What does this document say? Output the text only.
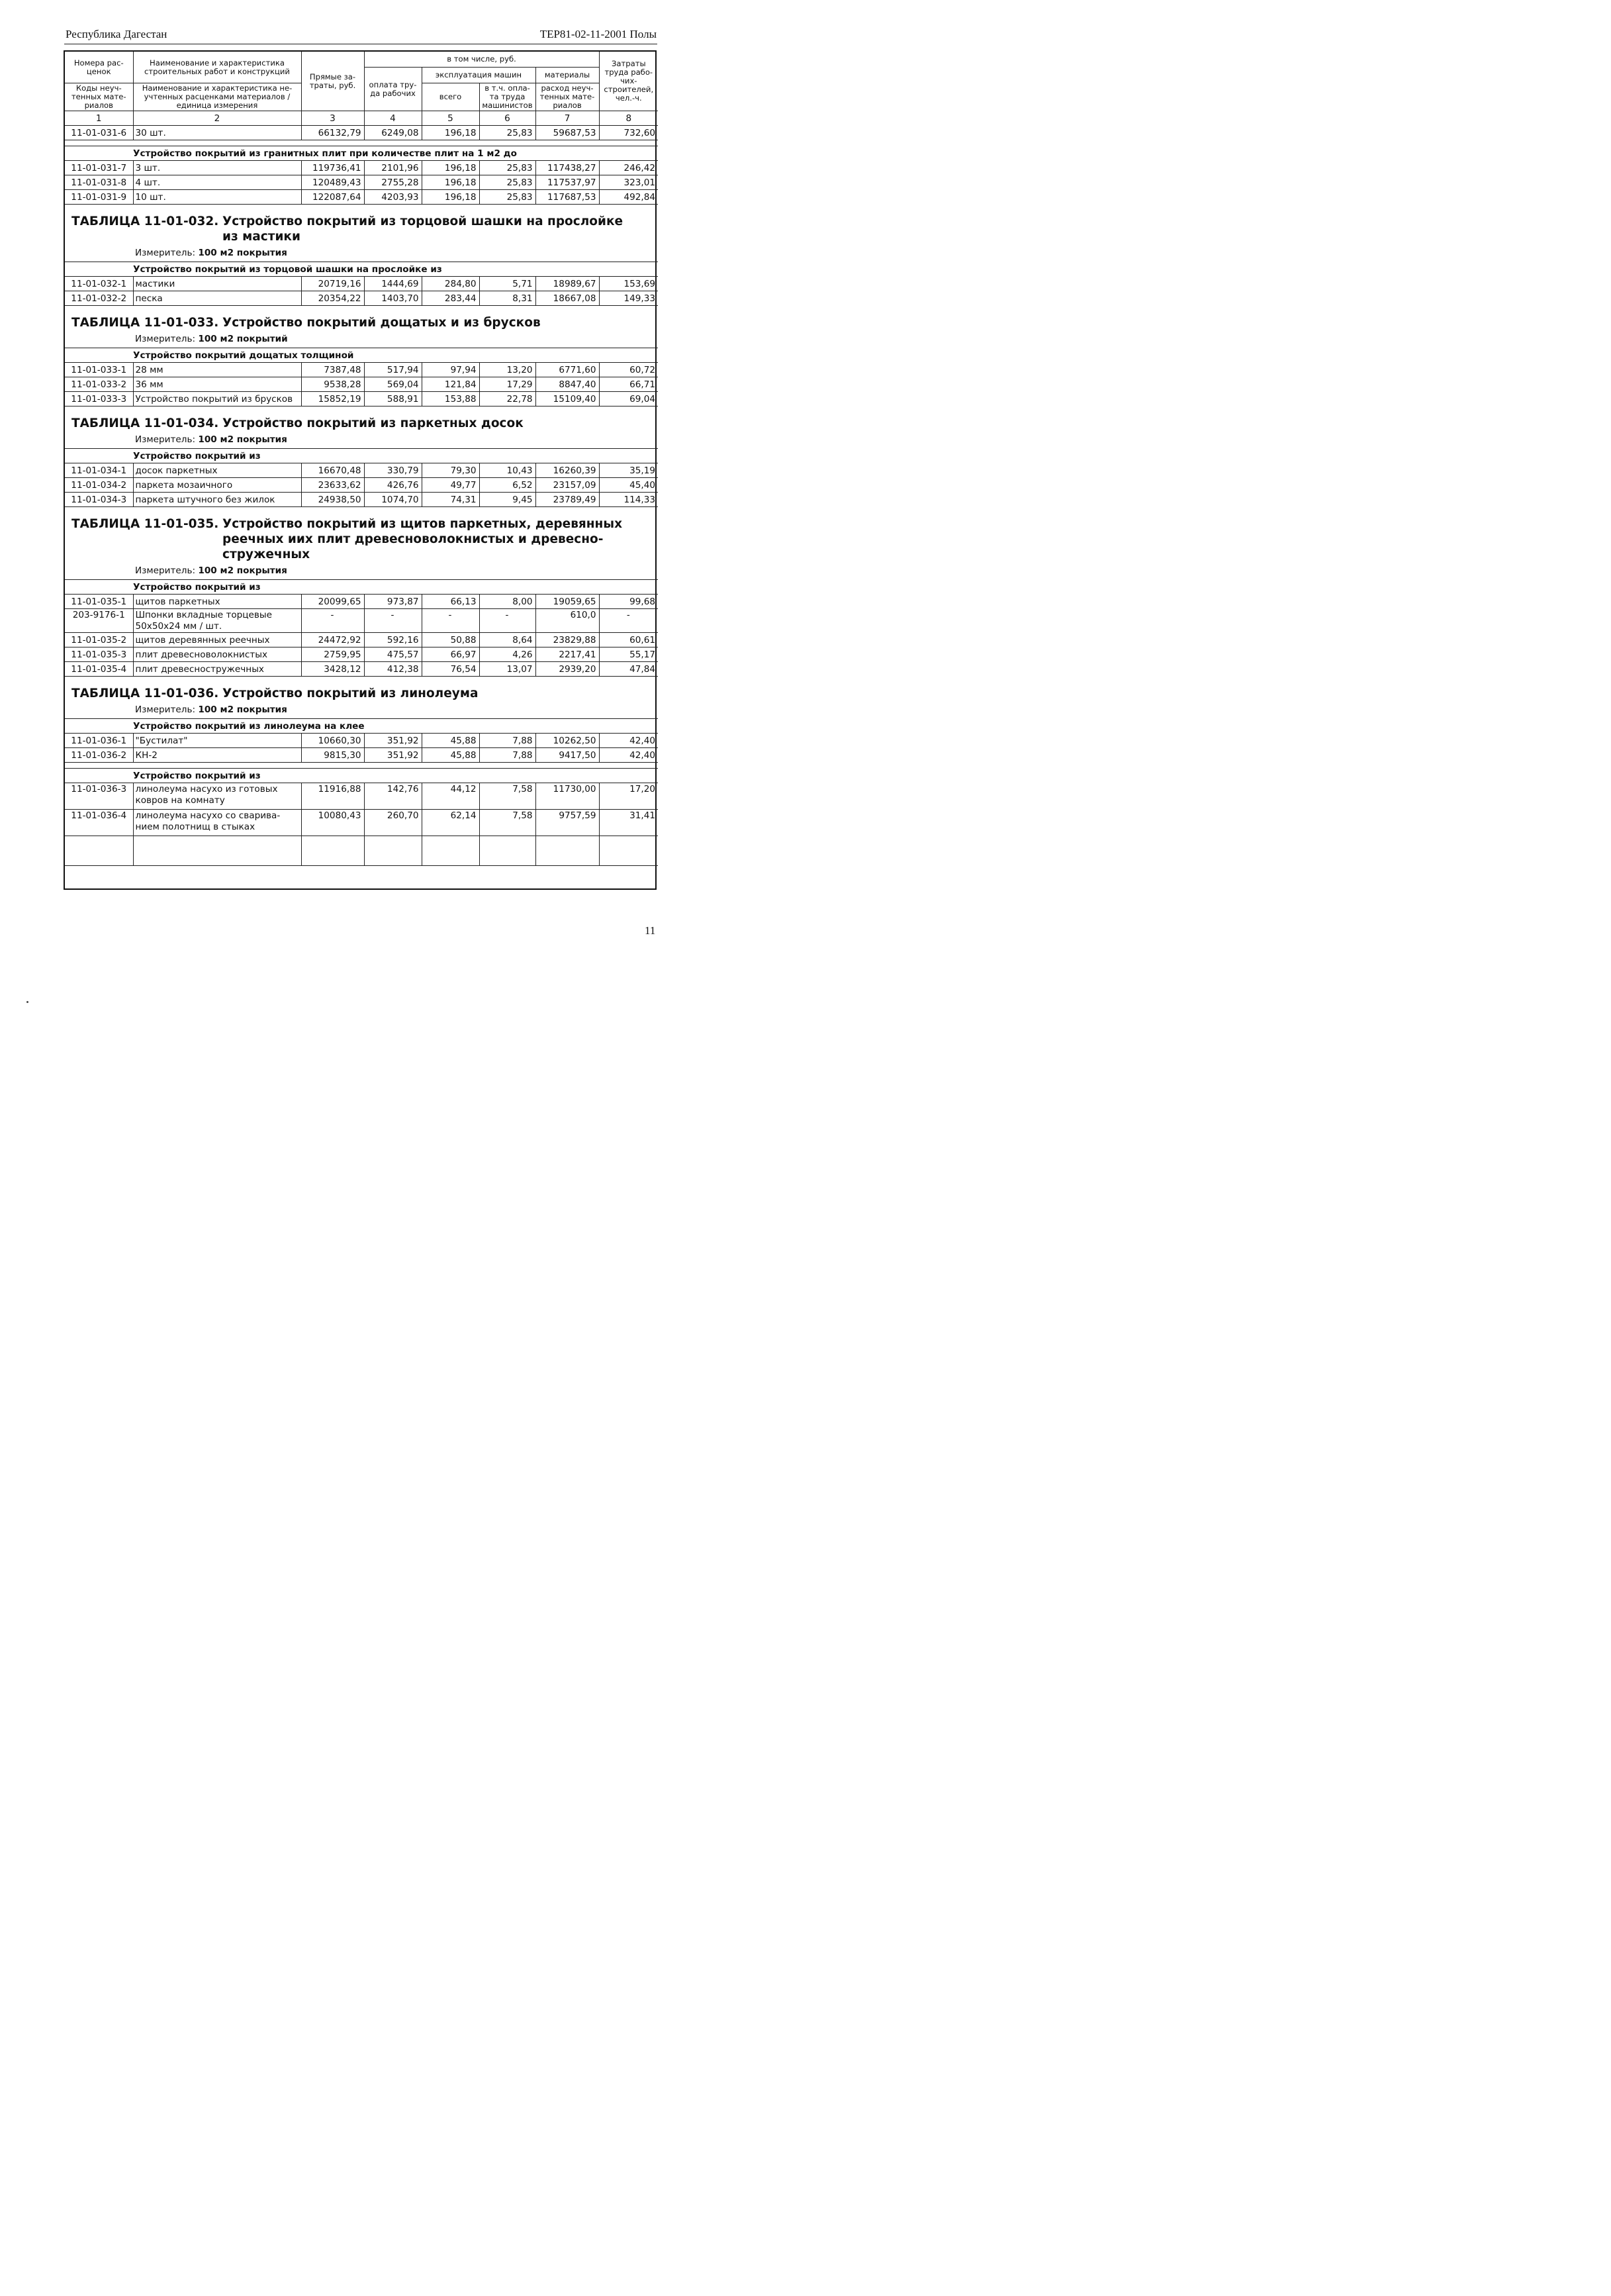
Республика Дагестан	ТЕР81-02-11-2001 Полы
Номера рас-ценок	Наименование и характеристика строительных работ и конструкций	Прямые за-траты, руб.	в том числе, руб.				Затраты труда рабо-чих-строителей, чел.-ч.
			оплата тру-да рабочих	эксплуатация машин		материалы	
Коды неуч-тенных мате-риалов	Наименование и характеристика не-учтенных расценками материалов / единица измерения			всего	в т.ч. опла-та труда машинистов	расход неуч-тенных мате-риалов	

1	2	3	4	5	6	7	8
11-01-031-6	30 шт.	66132,79	6249,08	196,18	25,83	59687,53	732,60

Устройство покрытий из гранитных плит при количестве плит на 1 м2 до							
11-01-031-7	3 шт.	119736,41	2101,96	196,18	25,83	117438,27	246,42
11-01-031-8	4 шт.	120489,43	2755,28	196,18	25,83	117537,97	323,01
11-01-031-9	10 шт.	122087,64	4203,93	196,18	25,83	117687,53	492,84

ТАБЛИЦА 11-01-032. Устройство покрытий из торцовой шашки на прослойке из мастики
Измеритель: 100 м2 покрытия							

Устройство покрытий из торцовой шашки на прослойке из							
11-01-032-1	мастики	20719,16	1444,69	284,80	5,71	18989,67	153,69
11-01-032-2	песка	20354,22	1403,70	283,44	8,31	18667,08	149,33

ТАБЛИЦА 11-01-033. Устройство покрытий дощатых и из брусков
Измеритель: 100 м2 покрытий							

Устройство покрытий дощатых толщиной							
11-01-033-1	28 мм	7387,48	517,94	97,94	13,20	6771,60	60,72
11-01-033-2	36 мм	9538,28	569,04	121,84	17,29	8847,40	66,71
11-01-033-3	Устройство покрытий из брусков	15852,19	588,91	153,88	22,78	15109,40	69,04

ТАБЛИЦА 11-01-034. Устройство покрытий из паркетных досок
Измеритель: 100 м2 покрытия							

Устройство покрытий из							
11-01-034-1	досок паркетных	16670,48	330,79	79,30	10,43	16260,39	35,19
11-01-034-2	паркета мозаичного	23633,62	426,76	49,77	6,52	23157,09	45,40
11-01-034-3	паркета штучного без жилок	24938,50	1074,70	74,31	9,45	23789,49	114,33

ТАБЛИЦА 11-01-035. Устройство покрытий из щитов паркетных, деревянных реечных иих плит древесноволокнистых и древесно-стружечных
Измеритель: 100 м2 покрытия							

Устройство покрытий из							
11-01-035-1	щитов паркетных	20099,65	973,87	66,13	8,00	19059,65	99,68
203-9176-1	Шпонки вкладные торцевые 50х50х24 мм / шт.	-	-	-	-	610,0	-
11-01-035-2	щитов деревянных реечных	24472,92	592,16	50,88	8,64	23829,88	60,61
11-01-035-3	плит древесноволокнистых	2759,95	475,57	66,97	4,26	2217,41	55,17
11-01-035-4	плит древесностружечных	3428,12	412,38	76,54	13,07	2939,20	47,84

ТАБЛИЦА 11-01-036. Устройство покрытий из линолеума
Измеритель: 100 м2 покрытия							

Устройство покрытий из линолеума на клее							
11-01-036-1	"Бустилат"	10660,30	351,92	45,88	7,88	10262,50	42,40
11-01-036-2	КН-2	9815,30	351,92	45,88	7,88	9417,50	42,40

Устройство покрытий из							
11-01-036-3	линолеума насухо из готовых ковров на комнату	11916,88	142,76	44,12	7,58	11730,00	17,20
11-01-036-4	линолеума насухо со сварива-нием полотнищ в стыках	10080,43	260,70	62,14	7,58	9757,59	31,41

11
